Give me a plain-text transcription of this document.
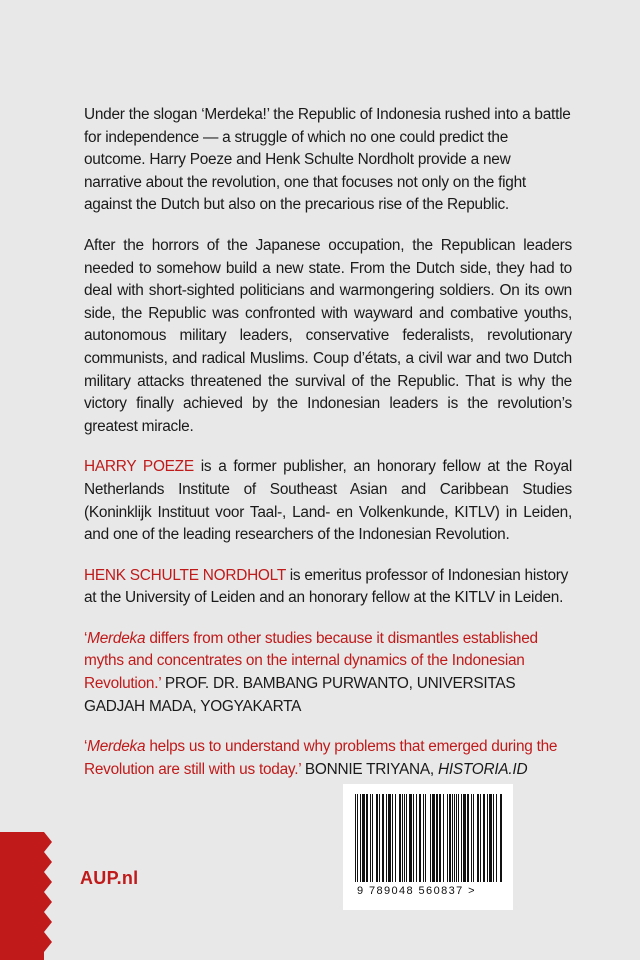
Under the slogan ‘Merdeka!’ the Republic of Indonesia rushed into a battle for independence — a struggle of which no one could predict the outcome. Harry Poeze and Henk Schulte Nordholt provide a new narrative about the revolution, one that focuses not only on the fight against the Dutch but also on the precarious rise of the Republic.

After the horrors of the Japanese occupation, the Republican leaders needed to somehow build a new state. From the Dutch side, they had to deal with short-sighted politicians and warmongering soldiers. On its own side, the Republic was confronted with wayward and combative youths, autonomous military leaders, conservative federalists, revolutionary communists, and radical Muslims. Coup d’états, a civil war and two Dutch military attacks threatened the survival of the Republic. That is why the victory finally achieved by the Indonesian leaders is the revolution’s greatest miracle.

HARRY POEZE is a former publisher, an honorary fellow at the Royal Netherlands Institute of Southeast Asian and Caribbean Studies (Koninklijk Instituut voor Taal-, Land- en Volkenkunde, KITLV) in Leiden, and one of the leading researchers of the Indonesian Revolution.

HENK SCHULTE NORDHOLT is emeritus professor of Indonesian history at the University of Leiden and an honorary fellow at the KITLV in Leiden.

‘Merdeka differs from other studies because it dismantles established myths and concentrates on the internal dynamics of the Indonesian Revolution.’ PROF. DR. BAMBANG PURWANTO, UNIVERSITAS GADJAH MADA, YOGYAKARTA

‘Merdeka helps us to understand why problems that emerged during the Revolution are still with us today.’ BONNIE TRIYANA, HISTORIA.ID

9 789048 560837 >
AUP.nl
